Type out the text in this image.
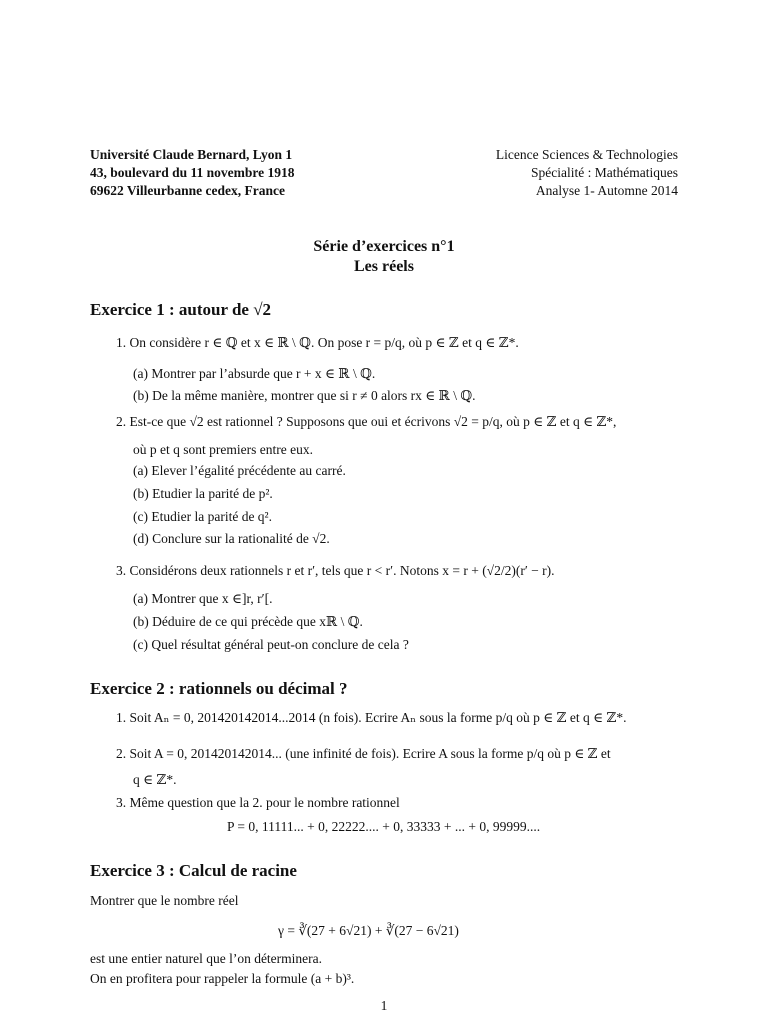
Université Claude Bernard, Lyon 1
43, boulevard du 11 novembre 1918
69622 Villeurbanne cedex, France
Licence Sciences & Technologies
Spécialité : Mathématiques
Analyse 1- Automne 2014
Série d’exercices n°1
Les réels
Exercice 1 : autour de √2
1. On considère r ∈ ℚ et x ∈ ℝ \ ℚ. On pose r = p/q, où p ∈ ℤ et q ∈ ℤ*.
(a) Montrer par l’absurde que r + x ∈ ℝ \ ℚ.
(b) De la même manière, montrer que si r ≠ 0 alors rx ∈ ℝ \ ℚ.
2. Est-ce que √2 est rationnel ? Supposons que oui et écrivons √2 = p/q, où p ∈ ℤ et q ∈ ℤ*,
où p et q sont premiers entre eux.
(a) Elever l’égalité précédente au carré.
(b) Etudier la parité de p².
(c) Etudier la parité de q².
(d) Conclure sur la rationalité de √2.
3. Considérons deux rationnels r et r′, tels que r < r′. Notons x = r + (√2/2)(r′ − r).
(a) Montrer que x ∈]r, r′[.
(b) Déduire de ce qui précède que xℝ \ ℚ.
(c) Quel résultat général peut-on conclure de cela ?
Exercice 2 : rationnels ou décimal ?
1. Soit Aₙ = 0, 201420142014...2014 (n fois). Ecrire Aₙ sous la forme p/q où p ∈ ℤ et q ∈ ℤ*.
2. Soit A = 0, 201420142014... (une infinité de fois). Ecrire A sous la forme p/q où p ∈ ℤ et
q ∈ ℤ*.
3. Même question que la 2. pour le nombre rationnel
P = 0, 11111... + 0, 22222.... + 0, 33333 + ... + 0, 99999....
Exercice 3 : Calcul de racine
Montrer que le nombre réel
γ = ∛(27 + 6√21) + ∛(27 − 6√21)
est une entier naturel que l’on déterminera.
On en profitera pour rappeler la formule (a + b)³.
1
